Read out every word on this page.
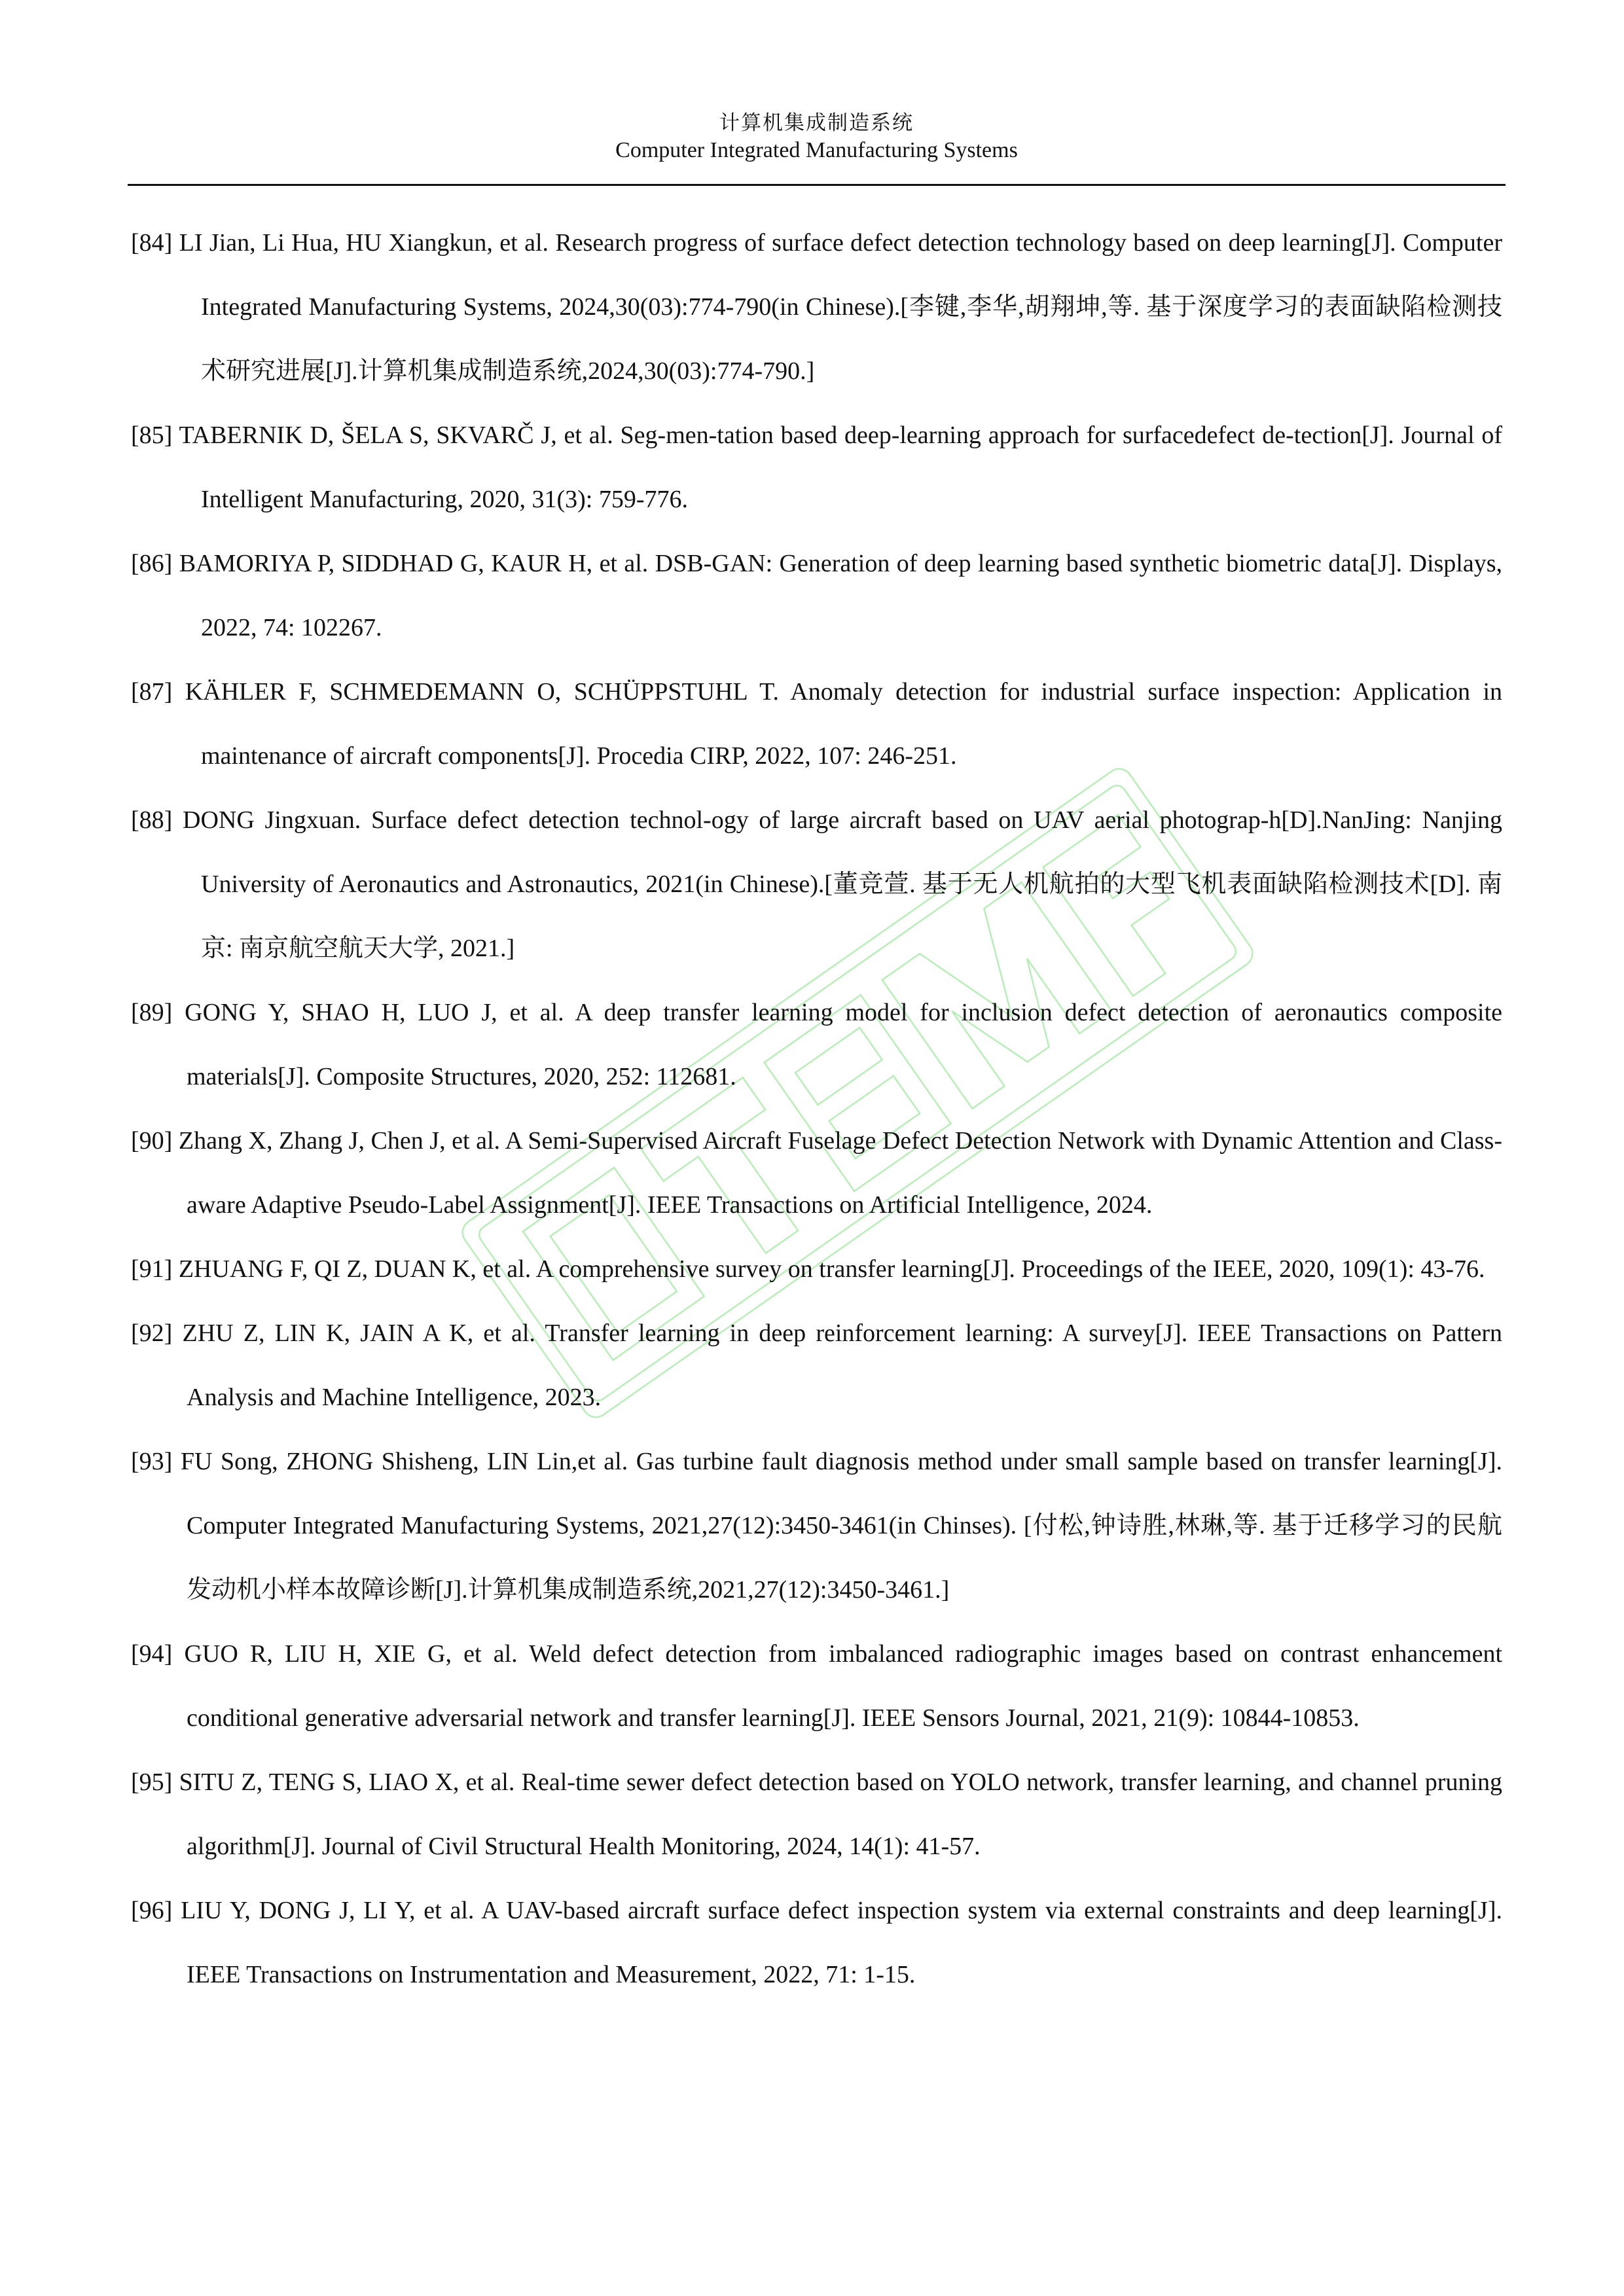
计算机集成制造系统
Computer Integrated Manufacturing Systems
[84] LI Jian, Li Hua, HU Xiangkun, et al. Research progress of surface defect detection technology based on deep learning[J]. Computer Integrated Manufacturing Systems, 2024,30(03):774-790(in Chinese).[李键,李华,胡翔坤,等. 基于深度学习的表面缺陷检测技术研究进展[J].计算机集成制造系统,2024,30(03):774-790.]
[85] TABERNIK D, ŠELA S, SKVARČ J, et al. Seg-men-tation based deep-learning approach for surfacedefect de-tection[J]. Journal of Intelligent Manufacturing, 2020, 31(3): 759-776.
[86] BAMORIYA P, SIDDHAD G, KAUR H, et al. DSB-GAN: Generation of deep learning based synthetic biometric data[J]. Displays, 2022, 74: 102267.
[87] KÄHLER F, SCHMEDEMANN O, SCHÜPPSTUHL T. Anomaly detection for industrial surface inspection: Application in maintenance of aircraft components[J]. Procedia CIRP, 2022, 107: 246-251.
[88] DONG Jingxuan. Surface defect detection technol-ogy of large aircraft based on UAV aerial photograp-h[D].NanJing: Nanjing University of Aeronautics and Astronautics, 2021(in Chinese).[董竞萱. 基于无人机航拍的大型飞机表面缺陷检测技术[D]. 南京: 南京航空航天大学, 2021.]
[89] GONG Y, SHAO H, LUO J, et al. A deep transfer learning model for inclusion defect detection of aeronautics composite materials[J]. Composite Structures, 2020, 252: 112681.
[90] Zhang X, Zhang J, Chen J, et al. A Semi-Supervised Aircraft Fuselage Defect Detection Network with Dynamic Attention and Class-aware Adaptive Pseudo-Label Assignment[J]. IEEE Transactions on Artificial Intelligence, 2024.
[91] ZHUANG F, QI Z, DUAN K, et al. A comprehensive survey on transfer learning[J]. Proceedings of the IEEE, 2020, 109(1): 43-76.
[92] ZHU Z, LIN K, JAIN A K, et al. Transfer learning in deep reinforcement learning: A survey[J]. IEEE Transactions on Pattern Analysis and Machine Intelligence, 2023.
[93] FU Song, ZHONG Shisheng, LIN Lin,et al. Gas turbine fault diagnosis method under small sample based on transfer learning[J]. Computer Integrated Manufacturing Systems, 2021,27(12):3450-3461(in Chinses). [付松,钟诗胜,林琳,等. 基于迁移学习的民航发动机小样本故障诊断[J].计算机集成制造系统,2021,27(12):3450-3461.]
[94] GUO R, LIU H, XIE G, et al. Weld defect detection from imbalanced radiographic images based on contrast enhancement conditional generative adversarial network and transfer learning[J]. IEEE Sensors Journal, 2021, 21(9): 10844-10853.
[95] SITU Z, TENG S, LIAO X, et al. Real-time sewer defect detection based on YOLO network, transfer learning, and channel pruning algorithm[J]. Journal of Civil Structural Health Monitoring, 2024, 14(1): 41-57.
[96] LIU Y, DONG J, LI Y, et al. A UAV-based aircraft surface defect inspection system via external constraints and deep learning[J]. IEEE Transactions on Instrumentation and Measurement, 2022, 71: 1-15.
